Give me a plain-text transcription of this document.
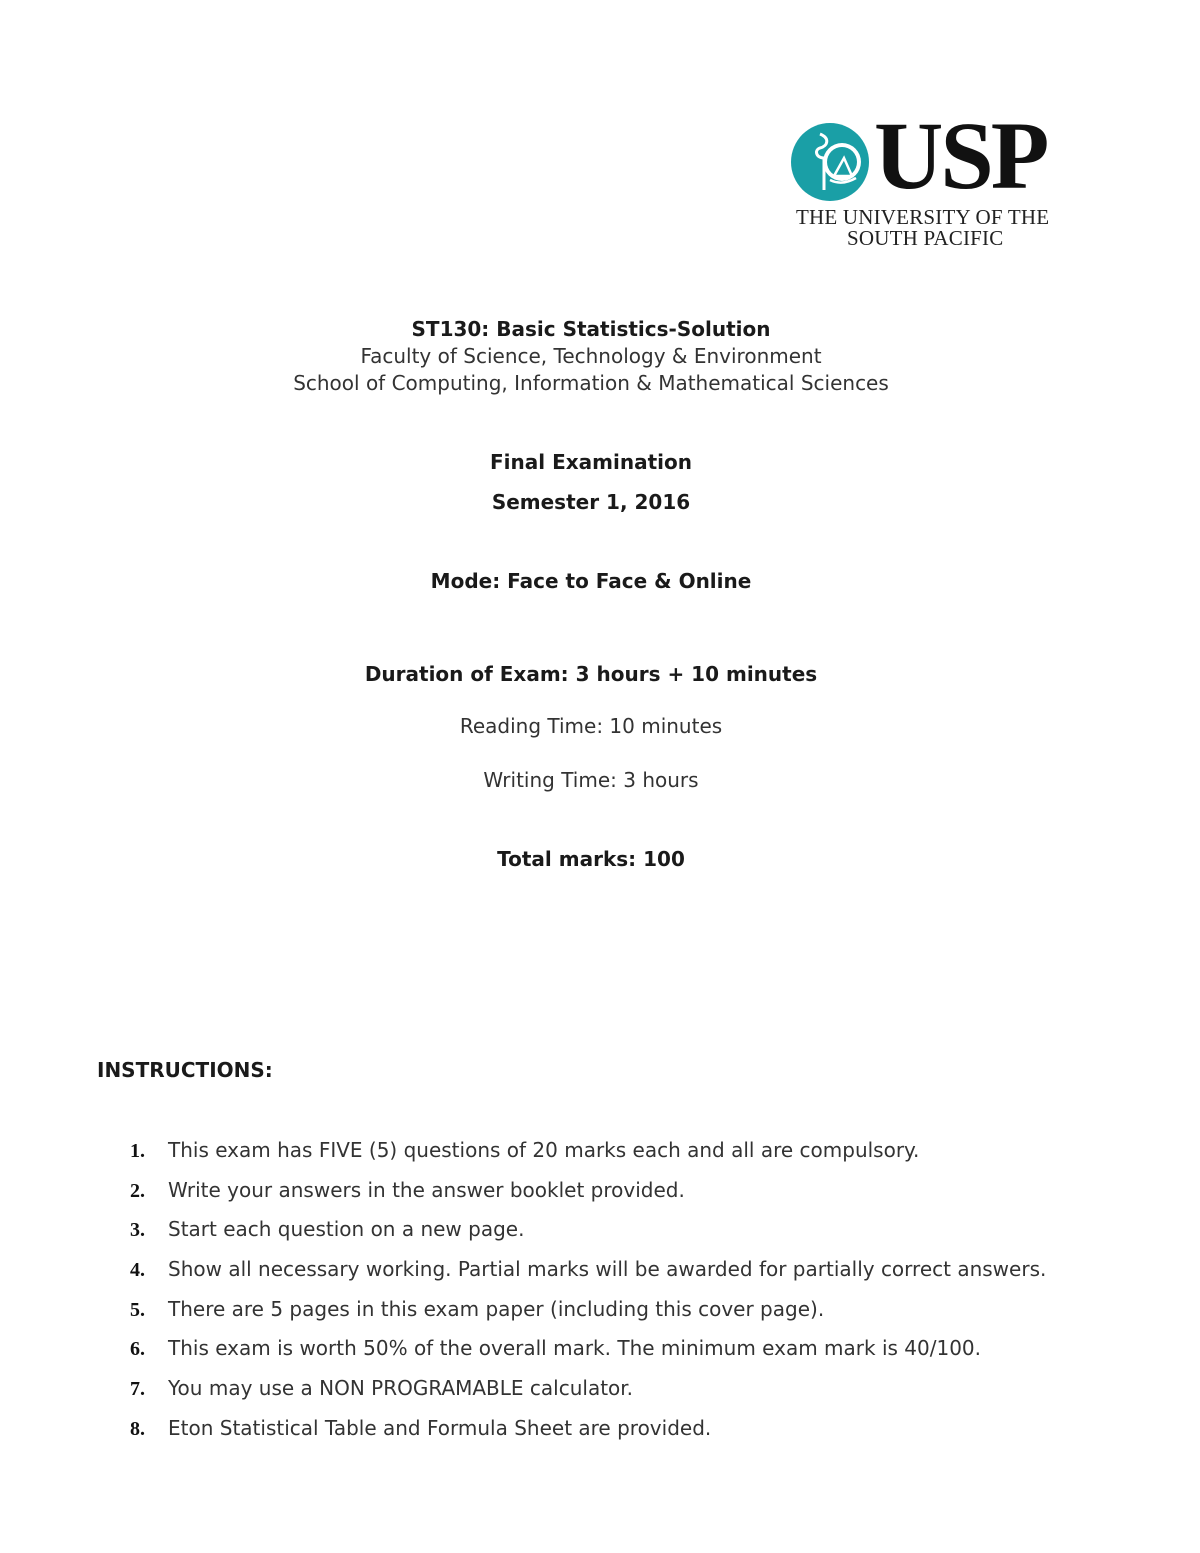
USP
THE UNIVERSITY OF THE
SOUTH PACIFIC
ST130: Basic Statistics-Solution
Faculty of Science, Technology & Environment
School of Computing, Information & Mathematical Sciences
Final Examination
Semester 1, 2016
Mode: Face to Face & Online
Duration of Exam: 3 hours + 10 minutes
Reading Time: 10 minutes
Writing Time: 3 hours
Total marks: 100
INSTRUCTIONS:
1. This exam has FIVE (5) questions of 20 marks each and all are compulsory.
2. Write your answers in the answer booklet provided.
3. Start each question on a new page.
4. Show all necessary working. Partial marks will be awarded for partially correct answers.
5. There are 5 pages in this exam paper (including this cover page).
6. This exam is worth 50% of the overall mark. The minimum exam mark is 40/100.
7. You may use a NON PROGRAMABLE calculator.
8. Eton Statistical Table and Formula Sheet are provided.
